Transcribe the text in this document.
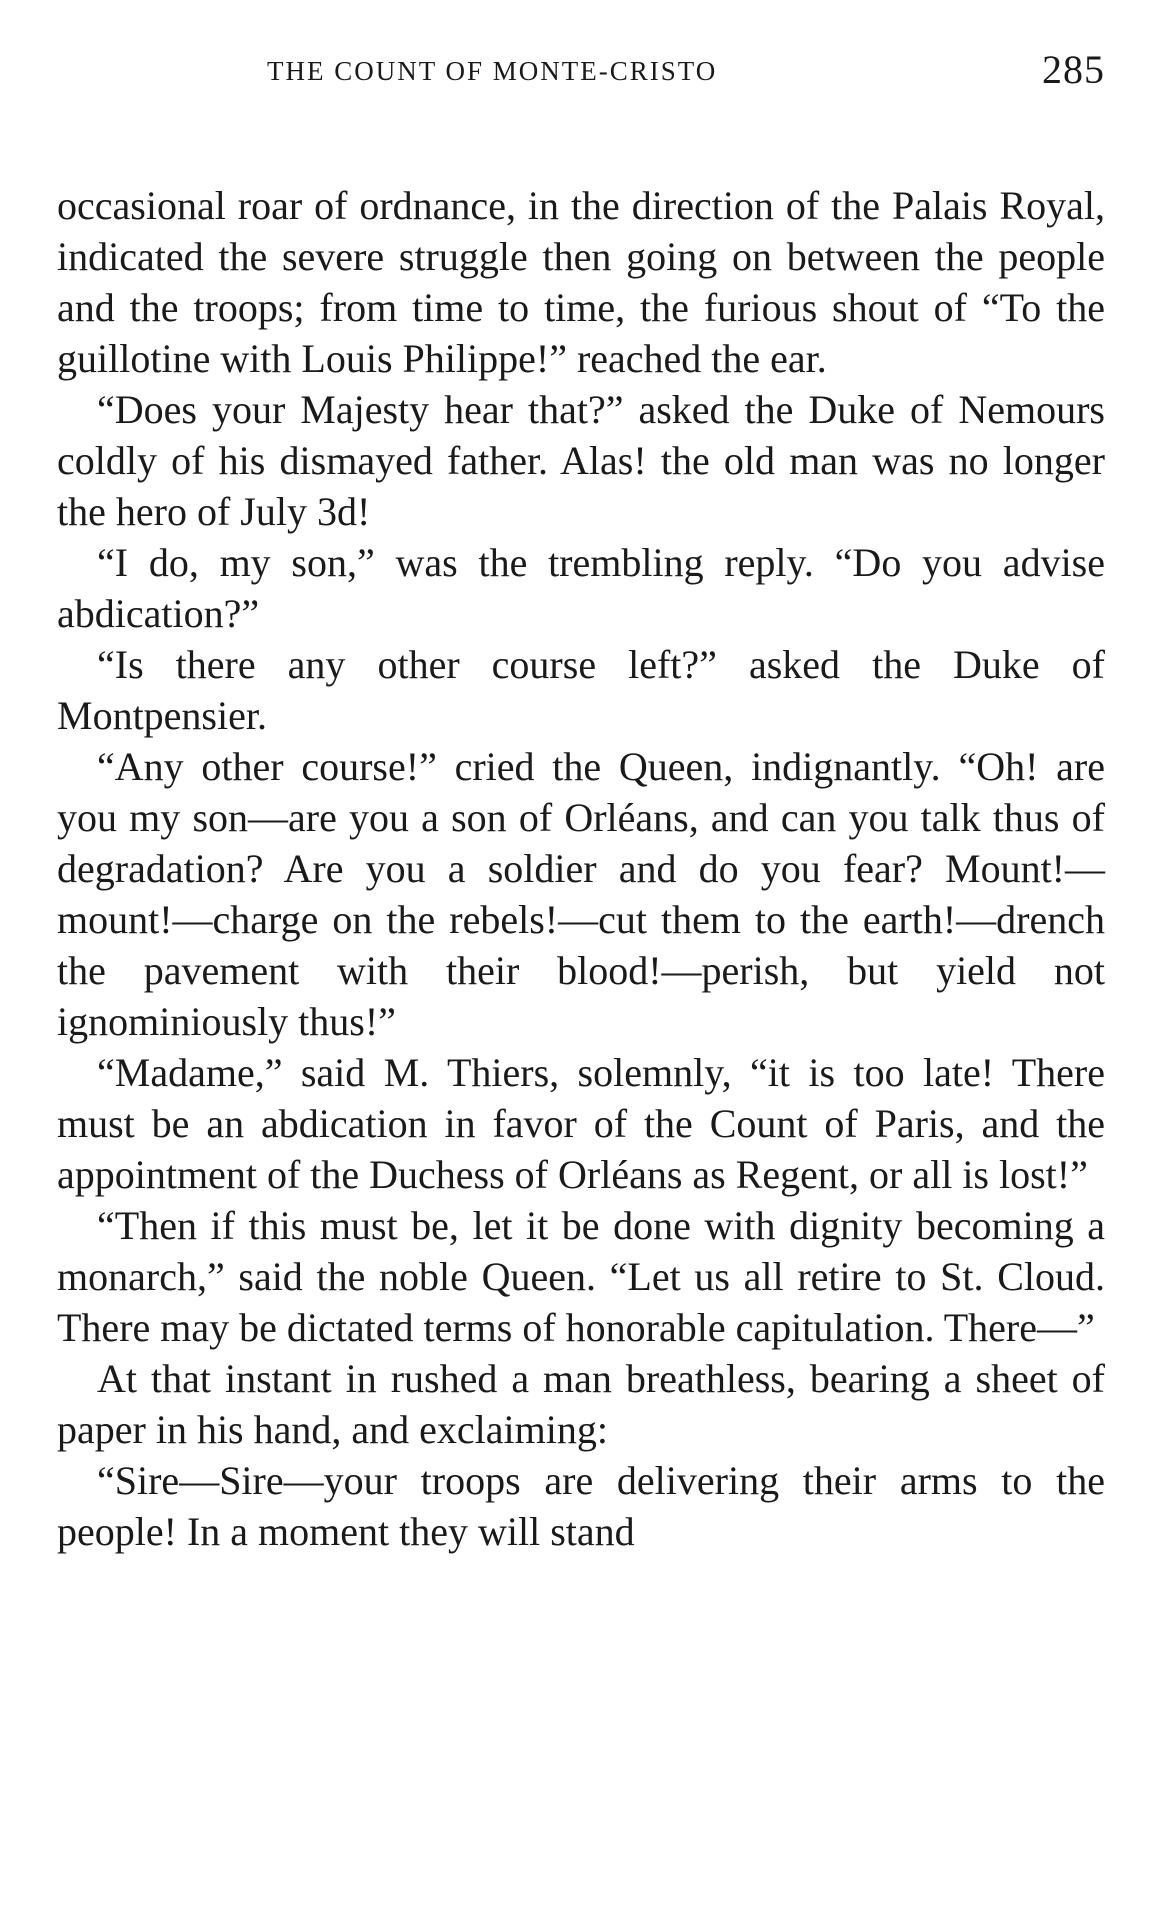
THE COUNT OF MONTE-CRISTO	285

occasional roar of ordnance, in the direction of the Palais Royal, indicated the severe struggle then going on between the people and the troops; from time to time, the furious shout of “To the guillotine with Louis Philippe!” reached the ear.

“Does your Majesty hear that?” asked the Duke of Nemours coldly of his dismayed father. Alas! the old man was no longer the hero of July 3d!

“I do, my son,” was the trembling reply. “Do you advise abdication?”

“Is there any other course left?” asked the Duke of Montpensier.

“Any other course!” cried the Queen, indignantly. “Oh! are you my son—are you a son of Orléans, and can you talk thus of degradation? Are you a soldier and do you fear? Mount!—mount!—charge on the rebels!—cut them to the earth!—drench the pavement with their blood!—perish, but yield not ignominiously thus!”

“Madame,” said M. Thiers, solemnly, “it is too late! There must be an abdication in favor of the Count of Paris, and the appointment of the Duchess of Orléans as Regent, or all is lost!”

“Then if this must be, let it be done with dignity becoming a monarch,” said the noble Queen. “Let us all retire to St. Cloud. There may be dictated terms of honorable capitulation. There—”

At that instant in rushed a man breathless, bearing a sheet of paper in his hand, and exclaiming:

“Sire—Sire—your troops are delivering their arms to the people! In a moment they will stand
